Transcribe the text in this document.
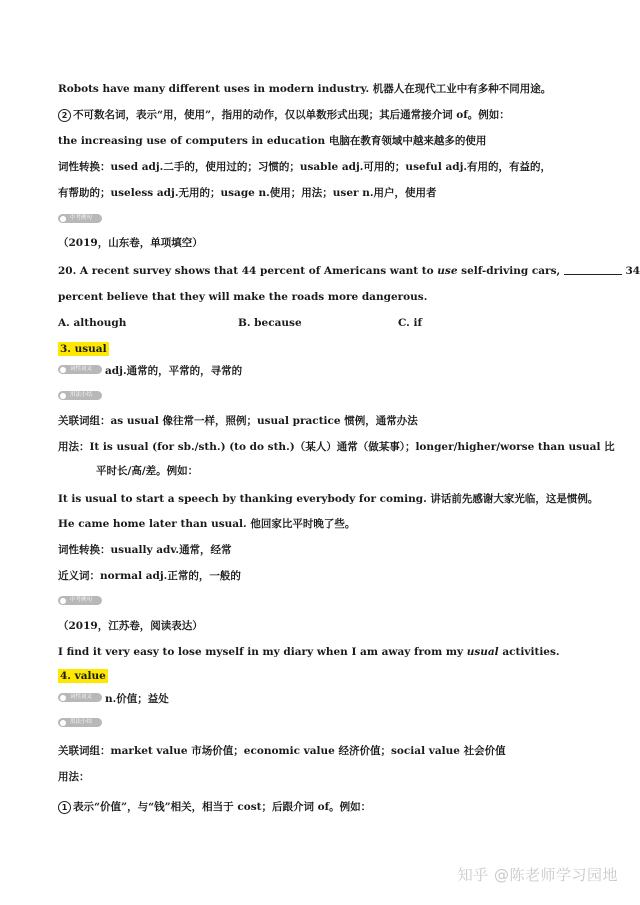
Robots have many different uses in modern industry. 机器人在现代工业中有多种不同用途。
2 不可数名词，表示“用，使用”，指用的动作，仅以单数形式出现；其后通常接介词 of。例如：
the increasing use of computers in education 电脑在教育领域中越来越多的使用
词性转换：used adj.二手的，使用过的；习惯的；usable adj.可用的；useful adj.有用的，有益的，
有帮助的；useless adj.无用的；usage n.使用；用法；user n.用户，使用者
中考例句
（2019，山东卷，单项填空）
20. A recent survey shows that 44 percent of Americans want to use self-driving cars,	34
percent believe that they will make the roads more dangerous.
A. although	B. because	C. if
3. usual
词性词义	adj.通常的，平常的，寻常的
用法小结
关联词组：as usual 像往常一样，照例；usual practice 惯例，通常办法
用法：It is usual (for sb./sth.) (to do sth.)（某人）通常（做某事）；longer/higher/worse than usual 比
平时长/高/差。例如：
It is usual to start a speech by thanking everybody for coming. 讲话前先感谢大家光临，这是惯例。
He came home later than usual. 他回家比平时晚了些。
词性转换：usually adv.通常，经常
近义词：normal adj.正常的，一般的
中考例句
（2019，江苏卷，阅读表达）
I find it very easy to lose myself in my diary when I am away from my usual activities.
4. value
词性词义	n.价值；益处
用法小结
关联词组：market value 市场价值；economic value 经济价值；social value 社会价值
用法：
1 表示“价值”，与“钱”相关，相当于 cost；后跟介词 of。例如：
知乎 @陈老师学习园地
